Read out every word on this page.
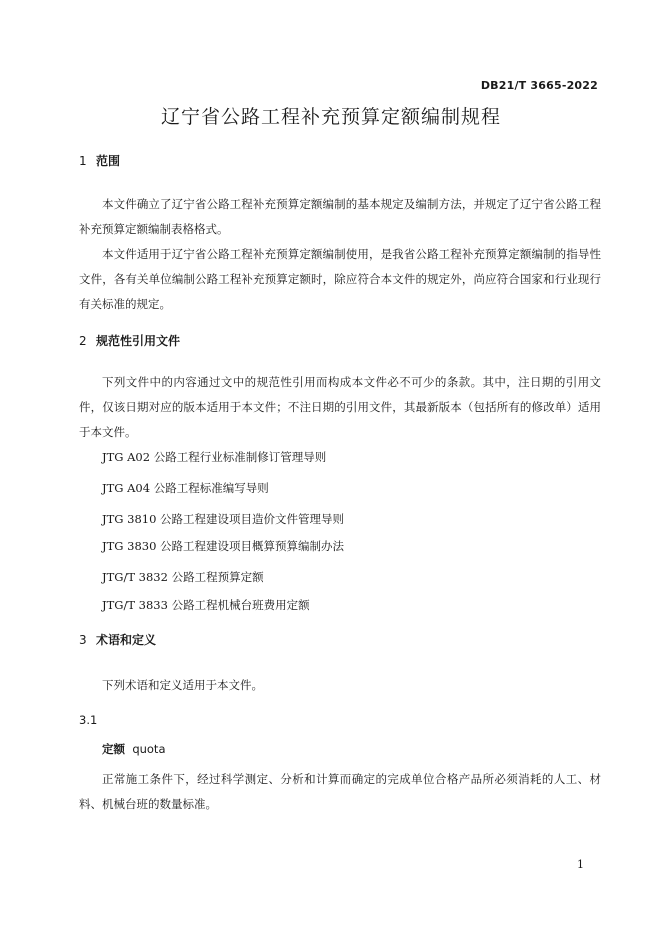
DB21/T 3665-2022
辽宁省公路工程补充预算定额编制规程
1 范围
本文件确立了辽宁省公路工程补充预算定额编制的基本规定及编制方法，并规定了辽宁省公路工程补充预算定额编制表格格式。
本文件适用于辽宁省公路工程补充预算定额编制使用，是我省公路工程补充预算定额编制的指导性文件，各有关单位编制公路工程补充预算定额时，除应符合本文件的规定外，尚应符合国家和行业现行有关标准的规定。
2 规范性引用文件
下列文件中的内容通过文中的规范性引用而构成本文件必不可少的条款。其中，注日期的引用文件，仅该日期对应的版本适用于本文件；不注日期的引用文件，其最新版本（包括所有的修改单）适用于本文件。
JTG A02 公路工程行业标准制修订管理导则
JTG A04 公路工程标准编写导则
JTG 3810 公路工程建设项目造价文件管理导则
JTG 3830 公路工程建设项目概算预算编制办法
JTG/T 3832 公路工程预算定额
JTG/T 3833 公路工程机械台班费用定额
3 术语和定义
下列术语和定义适用于本文件。
3.1
定额 quota
正常施工条件下，经过科学测定、分析和计算而确定的完成单位合格产品所必须消耗的人工、材料、机械台班的数量标准。
1
